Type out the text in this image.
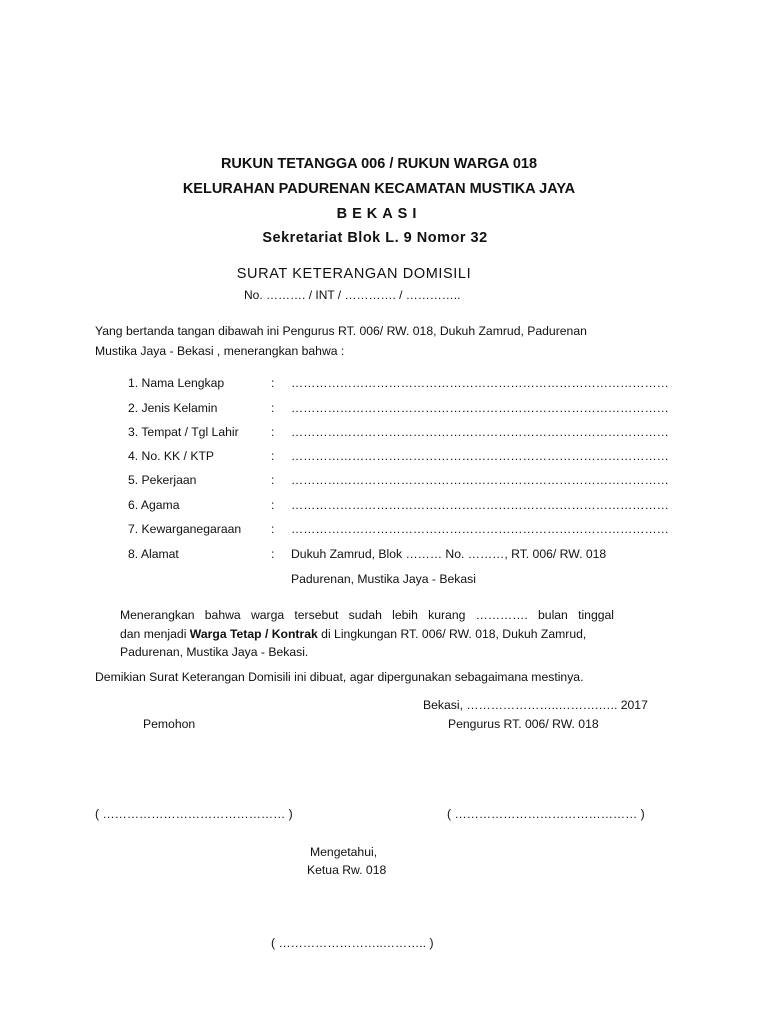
RUKUN TETANGGA 006 / RUKUN WARGA 018
KELURAHAN PADURENAN KECAMATAN MUSTIKA JAYA
BEKASI
Sekretariat Blok L. 9 Nomor 32
SURAT KETERANGAN DOMISILI
No. ………. / INT / …………. / …………..
Yang bertanda tangan dibawah ini Pengurus RT. 006/ RW. 018, Dukuh Zamrud, Padurenan
Mustika Jaya - Bekasi , menerangkan bahwa :
1. Nama Lengkap	: …………………………………………………………………………………
2. Jenis Kelamin	: …………………………………………………………………………………
3. Tempat / Tgl Lahir	: …………………………………………………………………………………
4. No. KK / KTP	: …………………………………………………………………………………
5. Pekerjaan	: …………………………………………………………………………………
6. Agama	: …………………………………………………………………………………
7. Kewarganegaraan : …………………………………………………………………………………
8. Alamat	: Dukuh Zamrud, Blok ……… No. ………, RT. 006/ RW. 018
Padurenan, Mustika Jaya - Bekasi
Menerangkan bahwa warga tersebut sudah lebih kurang …………. bulan tinggal
dan menjadi Warga Tetap / Kontrak di Lingkungan RT. 006/ RW. 018, Dukuh Zamrud,
Padurenan, Mustika Jaya - Bekasi.
Demikian Surat Keterangan Domisili ini dibuat, agar dipergunakan sebagaimana mestinya.
Bekasi, …………………..……….….. 2017
Pemohon	Pengurus RT. 006/ RW. 018
( ……………………………………… )	( ……………………………………… )
Mengetahui,
Ketua Rw. 018
( ……………………..……….. )
